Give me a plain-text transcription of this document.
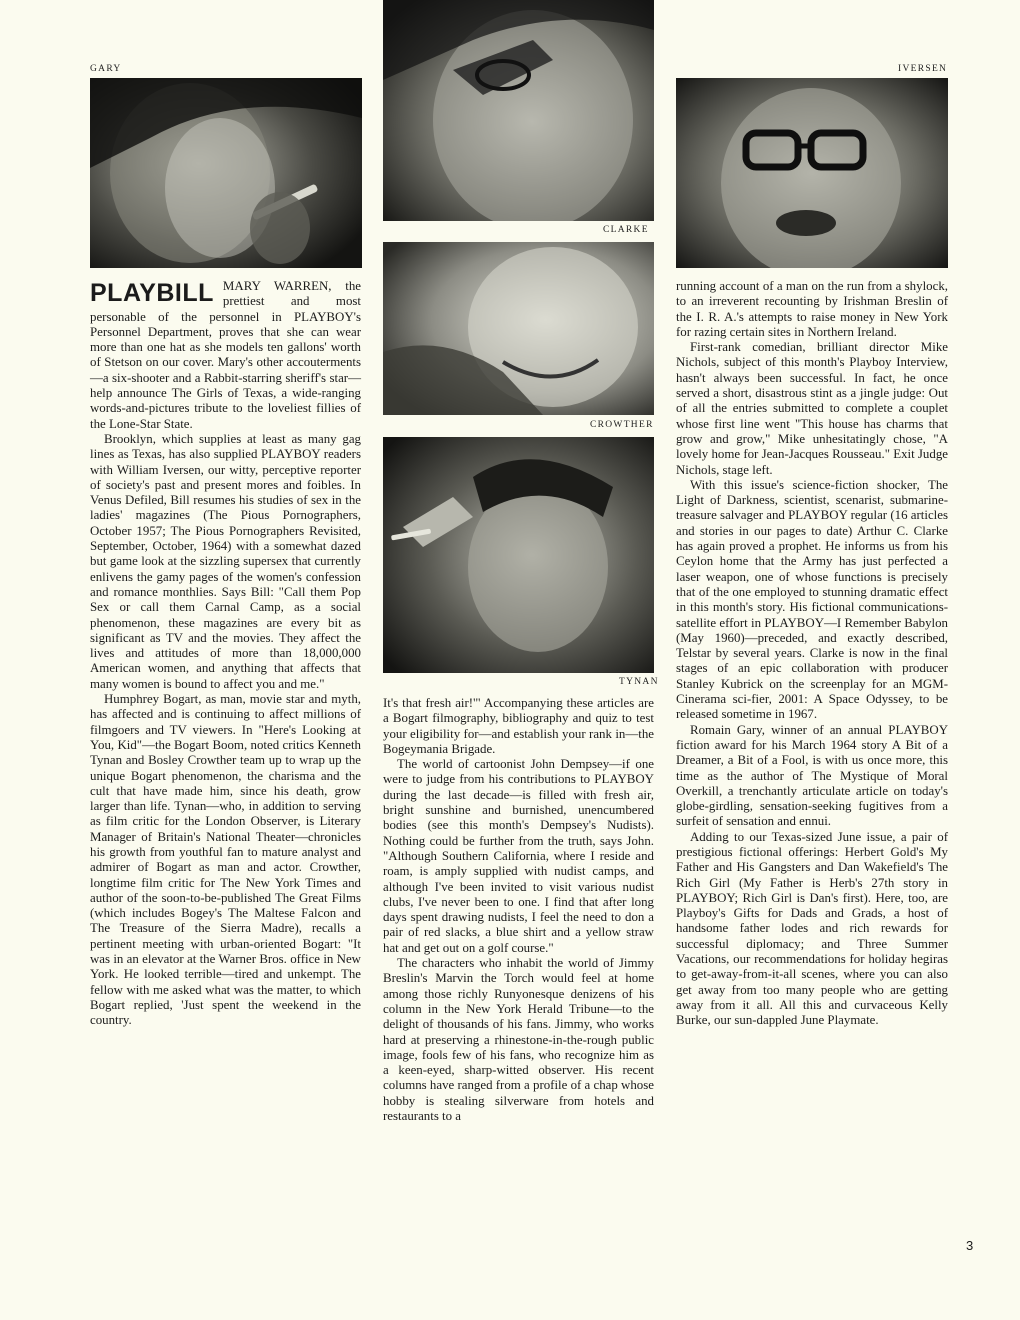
GARY
CLARKE
CROWTHER
TYNAN
IVERSEN
PLAYBILL MARY WARREN, the prettiest and most personable of the personnel in PLAYBOY's Personnel Department, proves that she can wear more than one hat as she models ten gallons' worth of Stetson on our cover. Mary's other accouterments—a six-shooter and a Rabbit-starring sheriff's star—help announce The Girls of Texas, a wide-ranging words-and-pictures tribute to the loveliest fillies of the Lone-Star State.

Brooklyn, which supplies at least as many gag lines as Texas, has also supplied PLAYBOY readers with William Iversen, our witty, perceptive reporter of society's past and present mores and foibles. In Venus Defiled, Bill resumes his studies of sex in the ladies' magazines (The Pious Pornographers, October 1957; The Pious Pornographers Revisited, September, October, 1964) with a somewhat dazed but game look at the sizzling supersex that currently enlivens the gamy pages of the women's confession and romance monthlies. Says Bill: "Call them Pop Sex or call them Carnal Camp, as a social phenomenon, these magazines are every bit as significant as TV and the movies. They affect the lives and attitudes of more than 18,000,000 American women, and anything that affects that many women is bound to affect you and me."

Humphrey Bogart, as man, movie star and myth, has affected and is continuing to affect millions of filmgoers and TV viewers. In "Here's Looking at You, Kid"—the Bogart Boom, noted critics Kenneth Tynan and Bosley Crowther team up to wrap up the unique Bogart phenomenon, the charisma and the cult that have made him, since his death, grow larger than life. Tynan—who, in addition to serving as film critic for the London Observer, is Literary Manager of Britain's National Theater—chronicles his growth from youthful fan to mature analyst and admirer of Bogart as man and actor. Crowther, longtime film critic for The New York Times and author of the soon-to-be-published The Great Films (which includes Bogey's The Maltese Falcon and The Treasure of the Sierra Madre), recalls a pertinent meeting with urban-oriented Bogart: "It was in an elevator at the Warner Bros. office in New York. He looked terrible—tired and unkempt. The fellow with me asked what was the matter, to which Bogart replied, 'Just spent the weekend in the country.

It's that fresh air!'" Accompanying these articles are a Bogart filmography, bibliography and quiz to test your eligibility for—and establish your rank in—the Bogeymania Brigade.

The world of cartoonist John Dempsey—if one were to judge from his contributions to PLAYBOY during the last decade—is filled with fresh air, bright sunshine and burnished, unencumbered bodies (see this month's Dempsey's Nudists). Nothing could be further from the truth, says John. "Although Southern California, where I reside and roam, is amply supplied with nudist camps, and although I've been invited to visit various nudist clubs, I've never been to one. I find that after long days spent drawing nudists, I feel the need to don a pair of red slacks, a blue shirt and a yellow straw hat and get out on a golf course."

The characters who inhabit the world of Jimmy Breslin's Marvin the Torch would feel at home among those richly Runyonesque denizens of his column in the New York Herald Tribune—to the delight of thousands of his fans. Jimmy, who works hard at preserving a rhinestone-in-the-rough public image, fools few of his fans, who recognize him as a keen-eyed, sharp-witted observer. His recent columns have ranged from a profile of a chap whose hobby is stealing silverware from hotels and restaurants to a

running account of a man on the run from a shylock, to an irreverent recounting by Irishman Breslin of the I. R. A.'s attempts to raise money in New York for razing certain sites in Northern Ireland.

First-rank comedian, brilliant director Mike Nichols, subject of this month's Playboy Interview, hasn't always been successful. In fact, he once served a short, disastrous stint as a jingle judge: Out of all the entries submitted to complete a couplet whose first line went "This house has charms that grow and grow," Mike unhesitatingly chose, "A lovely home for Jean-Jacques Rousseau." Exit Judge Nichols, stage left.

With this issue's science-fiction shocker, The Light of Darkness, scientist, scenarist, submarine-treasure salvager and PLAYBOY regular (16 articles and stories in our pages to date) Arthur C. Clarke has again proved a prophet. He informs us from his Ceylon home that the Army has just perfected a laser weapon, one of whose functions is precisely that of the one employed to stunning dramatic effect in this month's story. His fictional communications-satellite effort in PLAYBOY—I Remember Babylon (May 1960)—preceded, and exactly described, Telstar by several years. Clarke is now in the final stages of an epic collaboration with producer Stanley Kubrick on the screenplay for an MGM-Cinerama sci-fier, 2001: A Space Odyssey, to be released sometime in 1967.

Romain Gary, winner of an annual PLAYBOY fiction award for his March 1964 story A Bit of a Dreamer, a Bit of a Fool, is with us once more, this time as the author of The Mystique of Moral Overkill, a trenchantly articulate article on today's globe-girdling, sensation-seeking fugitives from a surfeit of sensation and ennui.

Adding to our Texas-sized June issue, a pair of prestigious fictional offerings: Herbert Gold's My Father and His Gangsters and Dan Wakefield's The Rich Girl (My Father is Herb's 27th story in PLAYBOY; Rich Girl is Dan's first). Here, too, are Playboy's Gifts for Dads and Grads, a host of handsome father lodes and rich rewards for successful diplomacy; and Three Summer Vacations, our recommendations for holiday hegiras to get-away-from-it-all scenes, where you can also get away from too many people who are getting away from it all. All this and curvaceous Kelly Burke, our sun-dappled June Playmate.

3
